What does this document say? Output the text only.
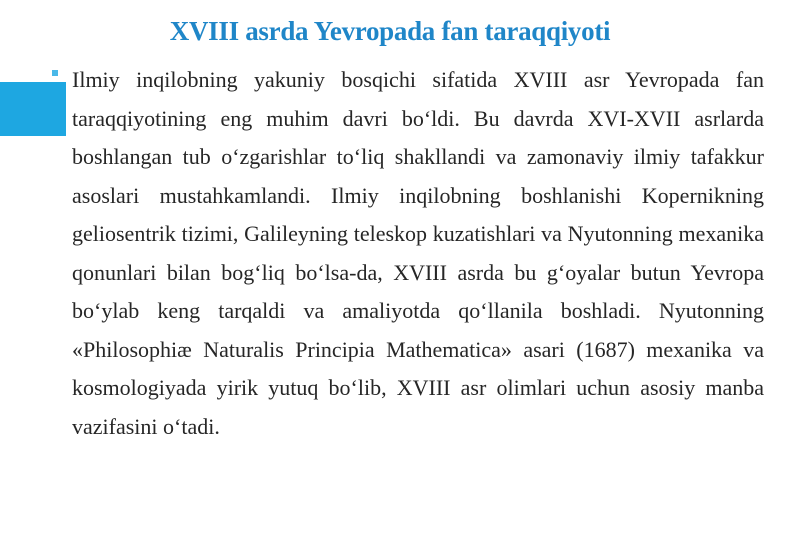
XVIII asrda Yevropada fan taraqqiyoti
Ilmiy inqilobning yakuniy bosqichi sifatida XVIII asr Yevropada fan taraqqiyotining eng muhim davri bo‘ldi. Bu davrda XVI-XVII asrlarda boshlangan tub o‘zgarishlar to‘liq shakllandi va zamonaviy ilmiy tafakkur asoslari mustahkamlandi. Ilmiy inqilobning boshlanishi Kopernikning geliosentrik tizimi, Galileyning teleskop kuzatishlari va Nyutonning mexanika qonunlari bilan bog‘liq bo‘lsa-da, XVIII asrda bu g‘oyalar butun Yevropa bo‘ylab keng tarqaldi va amaliyotda qo‘llanila boshladi. Nyutonning «Philosophiæ Naturalis Principia Mathematica» asari (1687) mexanika va kosmologiyada yirik yutuq bo‘lib, XVIII asr olimlari uchun asosiy manba vazifasini o‘tadi.
